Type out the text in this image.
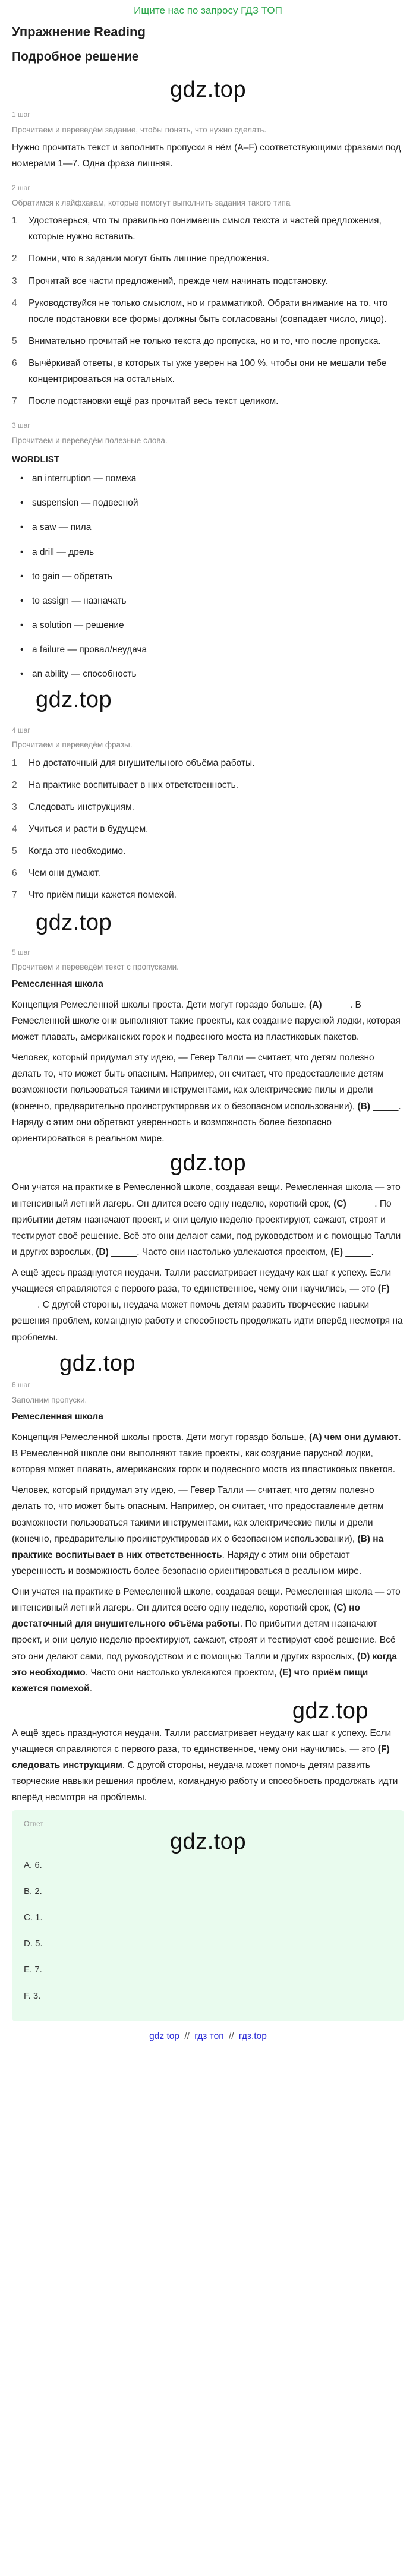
Ищите нас по запросу ГДЗ ТОП
Упражнение Reading
Подробное решение
gdz.top
1 шаг
Прочитаем и переведём задание, чтобы понять, что нужно сделать.
Нужно прочитать текст и заполнить пропуски в нём (A–F) соответствующими фразами под номерами 1—7. Одна фраза лишняя.
2 шаг
Обратимся к лайфхакам, которые помогут выполнить задания такого типа
1	Удостоверься, что ты правильно понимаешь смысл текста и частей предложения, которые нужно вставить.
2	Помни, что в задании могут быть лишние предложения.
3	Прочитай все части предложений, прежде чем начинать подстановку.
4	Руководствуйся не только смыслом, но и грамматикой. Обрати внимание на то, что после подстановки все формы должны быть согласованы (совпадает число, лицо).
5	Внимательно прочитай не только текста до пропуска, но и то, что после пропуска.
6	Вычёркивай ответы, в которых ты уже уверен на 100 %, чтобы они не мешали тебе концентрироваться на остальных.
7	После подстановки ещё раз прочитай весь текст целиком.
3 шаг
Прочитаем и переведём полезные слова.
WORDLIST
• an interruption — помеха
• suspension — подвесной
• a saw — пила
• a drill — дрель
• to gain — обретать
• to assign — назначать
• a solution — решение
• a failure — провал/неудача
• an ability — способность
gdz.top
4 шаг
Прочитаем и переведём фразы.
1	Но достаточный для внушительного объёма работы.
2	На практике воспитывает в них ответственность.
3	Следовать инструкциям.
4	Учиться и расти в будущем.
5	Когда это необходимо.
6	Чем они думают.
7	Что приём пищи кажется помехой.
gdz.top
5 шаг
Прочитаем и переведём текст с пропусками.
Ремесленная школа

Концепция Ремесленной школы проста. Дети могут гораздо больше, (A) _____. В Ремесленной школе они выполняют такие проекты, как создание парусной лодки, которая может плавать, американских горок и подвесного моста из пластиковых пакетов.

Человек, который придумал эту идею, — Гевер Талли — считает, что детям полезно делать то, что может быть опасным. Например, он считает, что предоставление детям возможности пользоваться такими инструментами, как электрические пилы и дрели (конечно, предварительно проинструктировав их о безопасном использовании), (B) _____. Наряду с этим они обретают уверенность и возможность более безопасно ориентироваться в реальном мире.

gdz.top

Они учатся на практике в Ремесленной школе, создавая вещи. Ремесленная школа — это интенсивный летний лагерь. Он длится всего одну неделю, короткий срок, (C) _____. По прибытии детям назначают проект, и они целую неделю проектируют, сажают, строят и тестируют своё решение. Всё это они делают сами, под руководством и с помощью Талли и других взрослых, (D) _____. Часто они настолько увлекаются проектом, (E) _____.

А ещё здесь празднуются неудачи. Талли рассматривает неудачу как шаг к успеху. Если учащиеся справляются с первого раза, то единственное, чему они научились, — это (F) _____. С другой стороны, неудача может помочь детям развить творческие навыки решения проблем, командную работу и способность продолжать идти вперёд несмотря на проблемы.

gdz.top
6 шаг
Заполним пропуски.
Ремесленная школа

Концепция Ремесленной школы проста. Дети могут гораздо больше, (A) чем они думают. В Ремесленной школе они выполняют такие проекты, как создание парусной лодки, которая может плавать, американских горок и подвесного моста из пластиковых пакетов.

Человек, который придумал эту идею, — Гевер Талли — считает, что детям полезно делать то, что может быть опасным. Например, он считает, что предоставление детям возможности пользоваться такими инструментами, как электрические пилы и дрели (конечно, предварительно проинструктировав их о безопасном использовании), (B) на практике воспитывает в них ответственность. Наряду с этим они обретают уверенность и возможность более безопасно ориентироваться в реальном мире.

Они учатся на практике в Ремесленной школе, создавая вещи. Ремесленная школа — это интенсивный летний лагерь. Он длится всего одну неделю, короткий срок, (C) но достаточный для внушительного объёма работы. По прибытии детям назначают проект, и они целую неделю проектируют, сажают, строят и тестируют своё решение. Всё это они делают сами, под руководством и с помощью Талли и других взрослых, (D) когда это необходимо. Часто они настолько увлекаются проектом, (E) что приём пищи кажется помехой.

gdz.top

А ещё здесь празднуются неудачи. Талли рассматривает неудачу как шаг к успеху. Если учащиеся справляются с первого раза, то единственное, чему они научились, — это (F) следовать инструкциям. С другой стороны, неудача может помочь детям развить творческие навыки решения проблем, командную работу и способность продолжать идти вперёд несмотря на проблемы.

Ответ
gdz.top
A. 6.
B. 2.
C. 1.
D. 5.
E. 7.
F. 3.
gdz top // гдз топ // гдз.top
